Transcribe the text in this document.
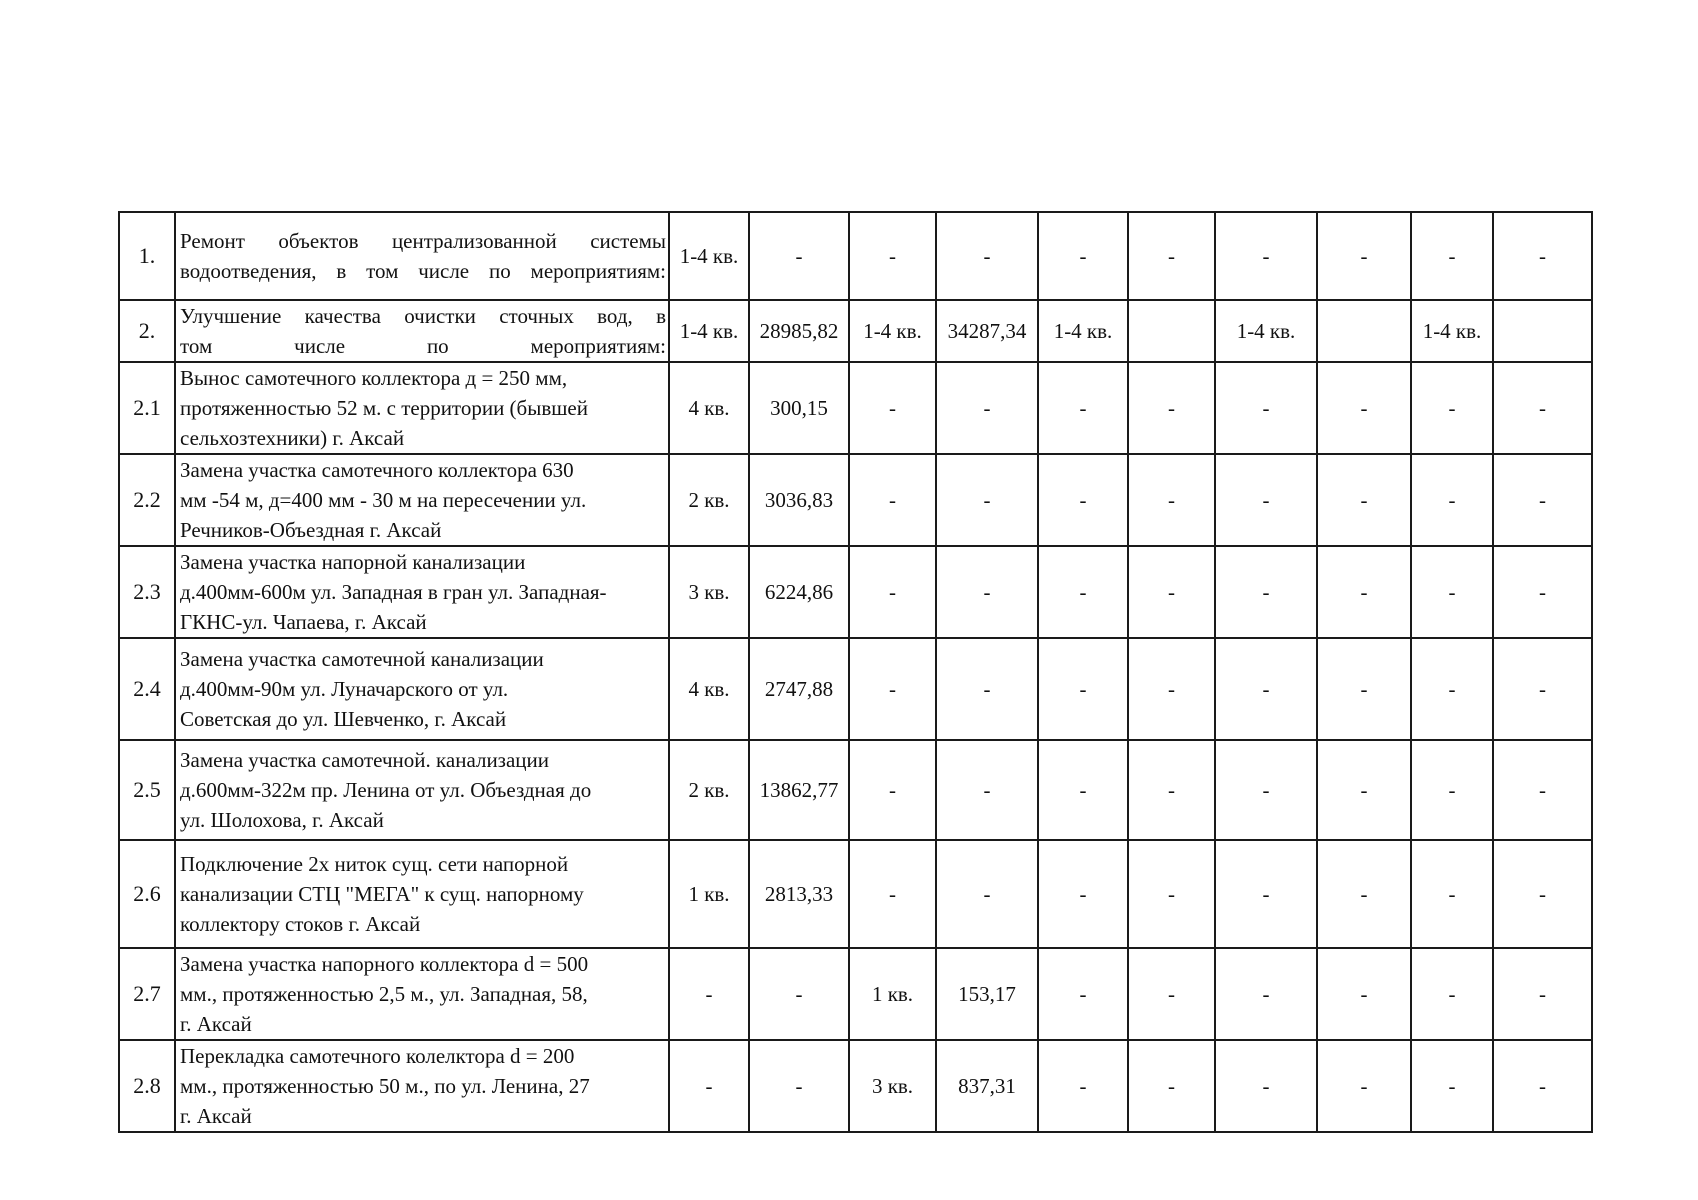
1.	Ремонт объектов централизованной системы
водоотведения, в том числе по мероприятиям:	1-4 кв.	-	-	-	-	-	-	-	-	-
2.	Улучшение качества очистки сточных вод, в
том числе по мероприятиям:	1-4 кв.	28985,82	1-4 кв.	34287,34	1-4 кв.		1-4 кв.		1-4 кв.	
2.1	Вынос самотечного коллектора д = 250 мм,
протяженностью 52 м. с территории (бывшей
сельхозтехники) г. Аксай	4 кв.	300,15	-	-	-	-	-	-	-	-
2.2	Замена участка самотечного коллектора 630
мм -54 м, д=400 мм - 30 м на пересечении ул.
Речников-Объездная г. Аксай	2 кв.	3036,83	-	-	-	-	-	-	-	-
2.3	Замена участка напорной канализации
д.400мм-600м ул. Западная в гран ул. Западная-
ГКНС-ул. Чапаева, г. Аксай	3 кв.	6224,86	-	-	-	-	-	-	-	-
2.4	Замена участка самотечной канализации
д.400мм-90м ул. Луначарского от ул.
Советская до ул. Шевченко, г. Аксай	4 кв.	2747,88	-	-	-	-	-	-	-	-
2.5	Замена участка самотечной. канализации
д.600мм-322м пр. Ленина от ул. Объездная до
ул. Шолохова, г. Аксай	2 кв.	13862,77	-	-	-	-	-	-	-	-
2.6	Подключение 2х ниток сущ. сети напорной
канализации СТЦ "МЕГА" к сущ. напорному
коллектору стоков г. Аксай	1 кв.	2813,33	-	-	-	-	-	-	-	-
2.7	Замена участка напорного коллектора d = 500
мм., протяженностью 2,5 м., ул. Западная, 58,
г. Аксай	-	-	1 кв.	153,17	-	-	-	-	-	-
2.8	Перекладка самотечного колелктора d = 200
мм., протяженностью 50 м., по ул. Ленина, 27
г. Аксай	-	-	3 кв.	837,31	-	-	-	-	-	-
